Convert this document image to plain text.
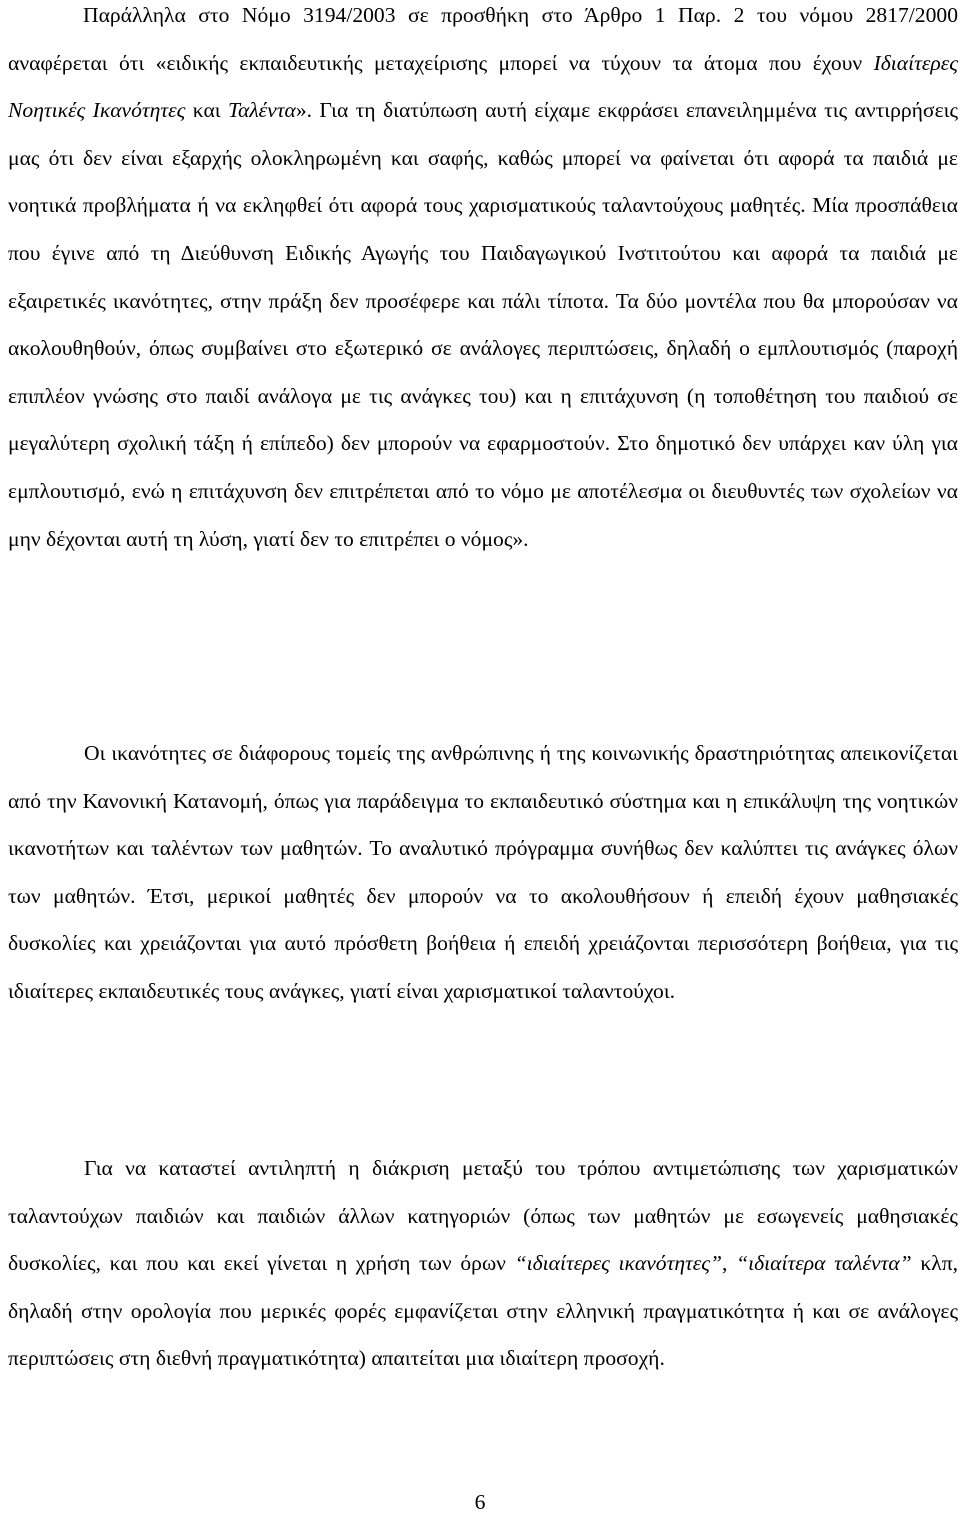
Παράλληλα στο Νόμο 3194/2003 σε προσθήκη στο Άρθρο 1 Παρ. 2 του νόμου 2817/2000 αναφέρεται ότι «ειδικής εκπαιδευτικής μεταχείρισης μπορεί να τύχουν τα άτομα που έχουν Ιδιαίτερες Νοητικές Ικανότητες και Ταλέντα». Για τη διατύπωση αυτή είχαμε εκφράσει επανειλημμένα τις αντιρρήσεις μας ότι δεν είναι εξαρχής ολοκληρωμένη και σαφής, καθώς μπορεί να φαίνεται ότι αφορά τα παιδιά με νοητικά προβλήματα ή να εκληφθεί ότι αφορά τους χαρισματικούς ταλαντούχους μαθητές. Μία προσπάθεια που έγινε από τη Διεύθυνση Ειδικής Αγωγής του Παιδαγωγικού Ινστιτούτου και αφορά τα παιδιά με εξαιρετικές ικανότητες, στην πράξη δεν προσέφερε και πάλι τίποτα. Τα δύο μοντέλα που θα μπορούσαν να ακολουθηθούν, όπως συμβαίνει στο εξωτερικό σε ανάλογες περιπτώσεις, δηλαδή ο εμπλουτισμός (παροχή επιπλέον γνώσης στο παιδί ανάλογα με τις ανάγκες του) και η επιτάχυνση (η τοποθέτηση του παιδιού σε μεγαλύτερη σχολική τάξη ή επίπεδο) δεν μπορούν να εφαρμοστούν. Στο δημοτικό δεν υπάρχει καν ύλη για εμπλουτισμό, ενώ η επιτάχυνση δεν επιτρέπεται από το νόμο με αποτέλεσμα οι διευθυντές των σχολείων να μην δέχονται αυτή τη λύση, γιατί δεν το επιτρέπει ο νόμος».

Οι ικανότητες σε διάφορους τομείς της ανθρώπινης ή της κοινωνικής δραστηριότητας απεικονίζεται από την Κανονική Κατανομή, όπως για παράδειγμα το εκπαιδευτικό σύστημα και η επικάλυψη της νοητικών ικανοτήτων και ταλέντων των μαθητών. Το αναλυτικό πρόγραμμα συνήθως δεν καλύπτει τις ανάγκες όλων των μαθητών. Έτσι, μερικοί μαθητές δεν μπορούν να το ακολουθήσουν ή επειδή έχουν μαθησιακές δυσκολίες και χρειάζονται για αυτό πρόσθετη βοήθεια ή επειδή χρειάζονται περισσότερη βοήθεια, για τις ιδιαίτερες εκπαιδευτικές τους ανάγκες, γιατί είναι χαρισματικοί ταλαντούχοι.

Για να καταστεί αντιληπτή η διάκριση μεταξύ του τρόπου αντιμετώπισης των χαρισματικών ταλαντούχων παιδιών και παιδιών άλλων κατηγοριών (όπως των μαθητών με εσωγενείς μαθησιακές δυσκολίες, και που και εκεί γίνεται η χρήση των όρων “ιδιαίτερες ικανότητες”, “ιδιαίτερα ταλέντα” κλπ, δηλαδή στην ορολογία που μερικές φορές εμφανίζεται στην ελληνική πραγματικότητα ή και σε ανάλογες περιπτώσεις στη διεθνή πραγματικότητα) απαιτείται μια ιδιαίτερη προσοχή.

6
